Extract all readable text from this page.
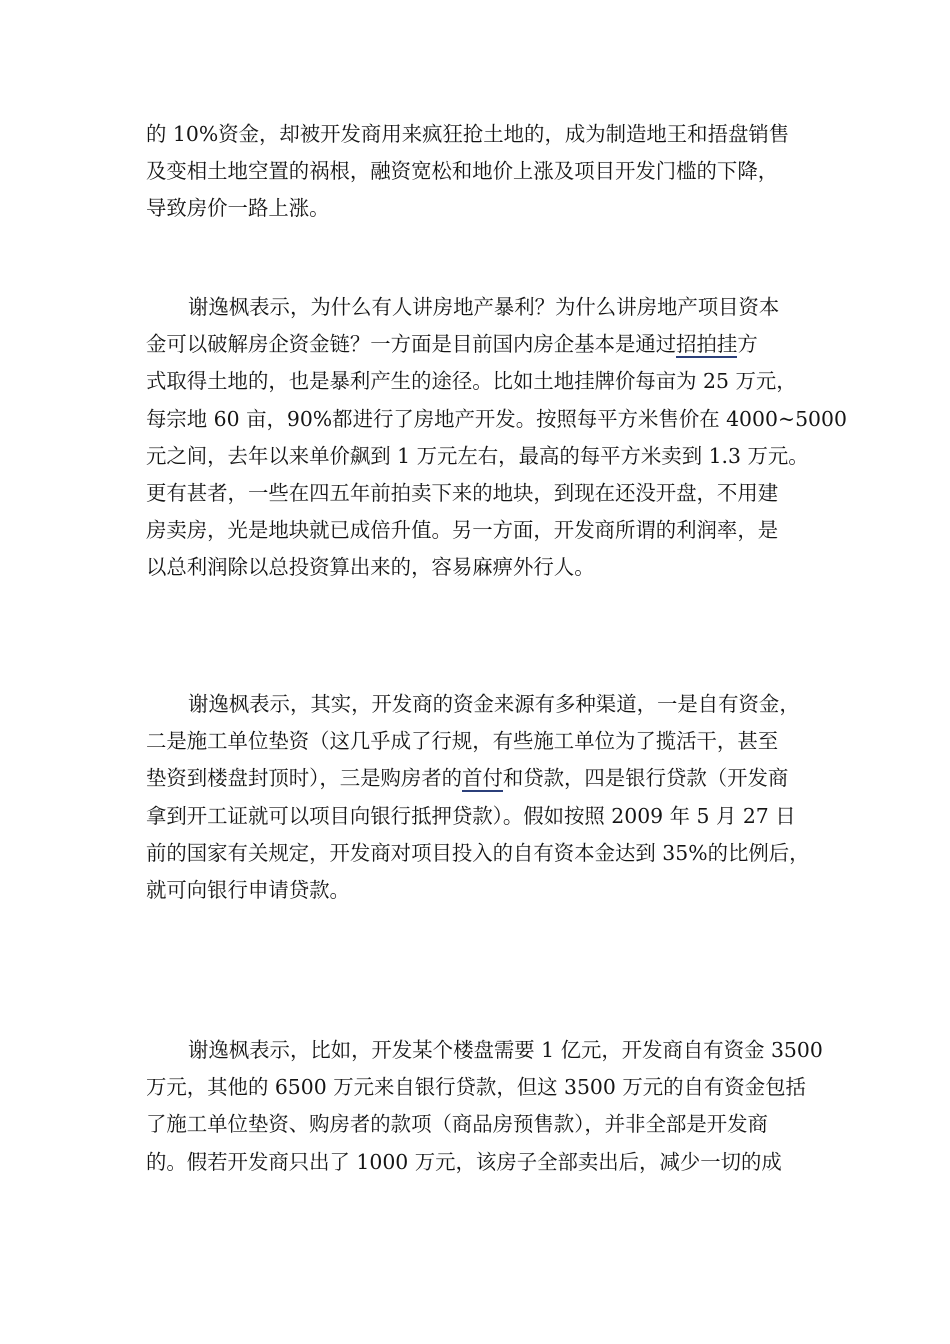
的 10%资金，却被开发商用来疯狂抢土地的，成为制造地王和捂盘销售
及变相土地空置的祸根，融资宽松和地价上涨及项目开发门槛的下降，
导致房价一路上涨。
谢逸枫表示，为什么有人讲房地产暴利？为什么讲房地产项目资本
金可以破解房企资金链？一方面是目前国内房企基本是通过招拍挂方
式取得土地的，也是暴利产生的途径。比如土地挂牌价每亩为 25 万元，
每宗地 60 亩，90%都进行了房地产开发。按照每平方米售价在 4000~5000
元之间，去年以来单价飙到 1 万元左右，最高的每平方米卖到 1.3 万元。
更有甚者，一些在四五年前拍卖下来的地块，到现在还没开盘，不用建
房卖房，光是地块就已成倍升值。另一方面，开发商所谓的利润率，是
以总利润除以总投资算出来的，容易麻痹外行人。
谢逸枫表示，其实，开发商的资金来源有多种渠道，一是自有资金，
二是施工单位垫资（这几乎成了行规，有些施工单位为了揽活干，甚至
垫资到楼盘封顶时），三是购房者的首付和贷款，四是银行贷款（开发商
拿到开工证就可以项目向银行抵押贷款）。假如按照 2009 年 5 月 27 日
前的国家有关规定，开发商对项目投入的自有资本金达到 35%的比例后，
就可向银行申请贷款。
谢逸枫表示，比如，开发某个楼盘需要 1 亿元，开发商自有资金 3500
万元，其他的 6500 万元来自银行贷款，但这 3500 万元的自有资金包括
了施工单位垫资、购房者的款项（商品房预售款），并非全部是开发商
的。假若开发商只出了 1000 万元，该房子全部卖出后，减少一切的成
